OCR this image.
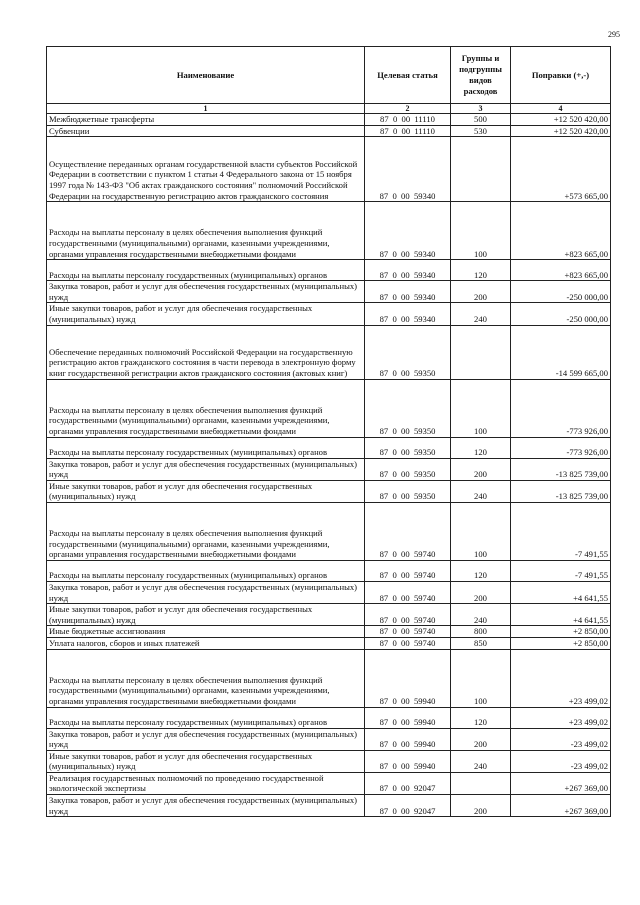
295
Наименование	Целевая статья	Группы и подгруппы видов расходов	Поправки (+,-)
1	2	3	4
Межбюджетные трансферты	87  0  00  11110	500	+12 520 420,00
Субвенции	87  0  00  11110	530	+12 520 420,00
Осуществление переданных органам государственной власти субъектов Российской Федерации в соответствии с пунктом 1 статьи 4 Федерального закона от 15 ноября 1997 года № 143-ФЗ "Об актах гражданского состояния" полномочий Российской Федерации на государственную регистрацию актов гражданского состояния	87  0  00  59340		+573 665,00
Расходы на выплаты персоналу в целях обеспечения выполнения функций государственными (муниципальными) органами, казенными учреждениями, органами управления государственными внебюджетными фондами	87  0  00  59340	100	+823 665,00
Расходы на выплаты персоналу государственных (муниципальных) органов	87  0  00  59340	120	+823 665,00
Закупка товаров, работ и услуг для обеспечения государственных (муниципальных) нужд	87  0  00  59340	200	-250 000,00
Иные закупки товаров, работ и услуг для обеспечения государственных (муниципальных) нужд	87  0  00  59340	240	-250 000,00
Обеспечение переданных полномочий Российской Федерации на государственную регистрацию актов гражданского состояния в части перевода в электронную форму книг государственной регистрации актов гражданского состояния (актовых книг)	87  0  00  59350		-14 599 665,00
Расходы на выплаты персоналу в целях обеспечения выполнения функций государственными (муниципальными) органами, казенными учреждениями, органами управления государственными внебюджетными фондами	87  0  00  59350	100	-773 926,00
Расходы на выплаты персоналу государственных (муниципальных) органов	87  0  00  59350	120	-773 926,00
Закупка товаров, работ и услуг для обеспечения государственных (муниципальных) нужд	87  0  00  59350	200	-13 825 739,00
Иные закупки товаров, работ и услуг для обеспечения государственных (муниципальных) нужд	87  0  00  59350	240	-13 825 739,00
Расходы на выплаты персоналу в целях обеспечения выполнения функций государственными (муниципальными) органами, казенными учреждениями, органами управления государственными внебюджетными фондами	87  0  00  59740	100	-7 491,55
Расходы на выплаты персоналу государственных (муниципальных) органов	87  0  00  59740	120	-7 491,55
Закупка товаров, работ и услуг для обеспечения государственных (муниципальных) нужд	87  0  00  59740	200	+4 641,55
Иные закупки товаров, работ и услуг для обеспечения государственных (муниципальных) нужд	87  0  00  59740	240	+4 641,55
Иные бюджетные ассигнования	87  0  00  59740	800	+2 850,00
Уплата налогов, сборов и иных платежей	87  0  00  59740	850	+2 850,00
Расходы на выплаты персоналу в целях обеспечения выполнения функций государственными (муниципальными) органами, казенными учреждениями, органами управления государственными внебюджетными фондами	87  0  00  59940	100	+23 499,02
Расходы на выплаты персоналу государственных (муниципальных) органов	87  0  00  59940	120	+23 499,02
Закупка товаров, работ и услуг для обеспечения государственных (муниципальных) нужд	87  0  00  59940	200	-23 499,02
Иные закупки товаров, работ и услуг для обеспечения государственных (муниципальных) нужд	87  0  00  59940	240	-23 499,02
Реализация государственных полномочий по проведению государственной экологической экспертизы	87  0  00  92047		+267 369,00
Закупка товаров, работ и услуг для обеспечения государственных (муниципальных) нужд	87  0  00  92047	200	+267 369,00
